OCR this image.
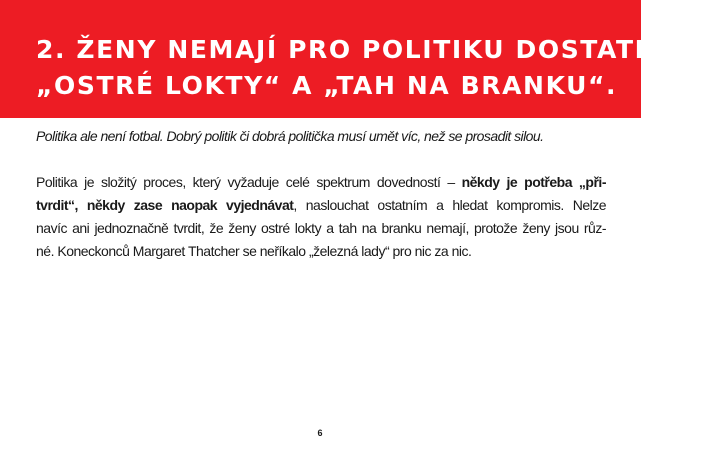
2. ŽENY NEMAJÍ PRO POLITIKU DOSTATEČNĚ
„OSTRÉ LOKTY“ A „TAH NA BRANKU“.

Politika ale není fotbal. Dobrý politik či dobrá politička musí umět víc, než se prosadit silou.

Politika je složitý proces, který vyžaduje celé spektrum dovedností – někdy je potřeba „při-
tvrdit“, někdy zase naopak vyjednávat, naslouchat ostatním a hledat kompromis. Nelze
navíc ani jednoznačně tvrdit, že ženy ostré lokty a tah na branku nemají, protože ženy jsou růz-
né. Koneckonců Margaret Thatcher se neříkalo „železná lady“ pro nic za nic.
6
